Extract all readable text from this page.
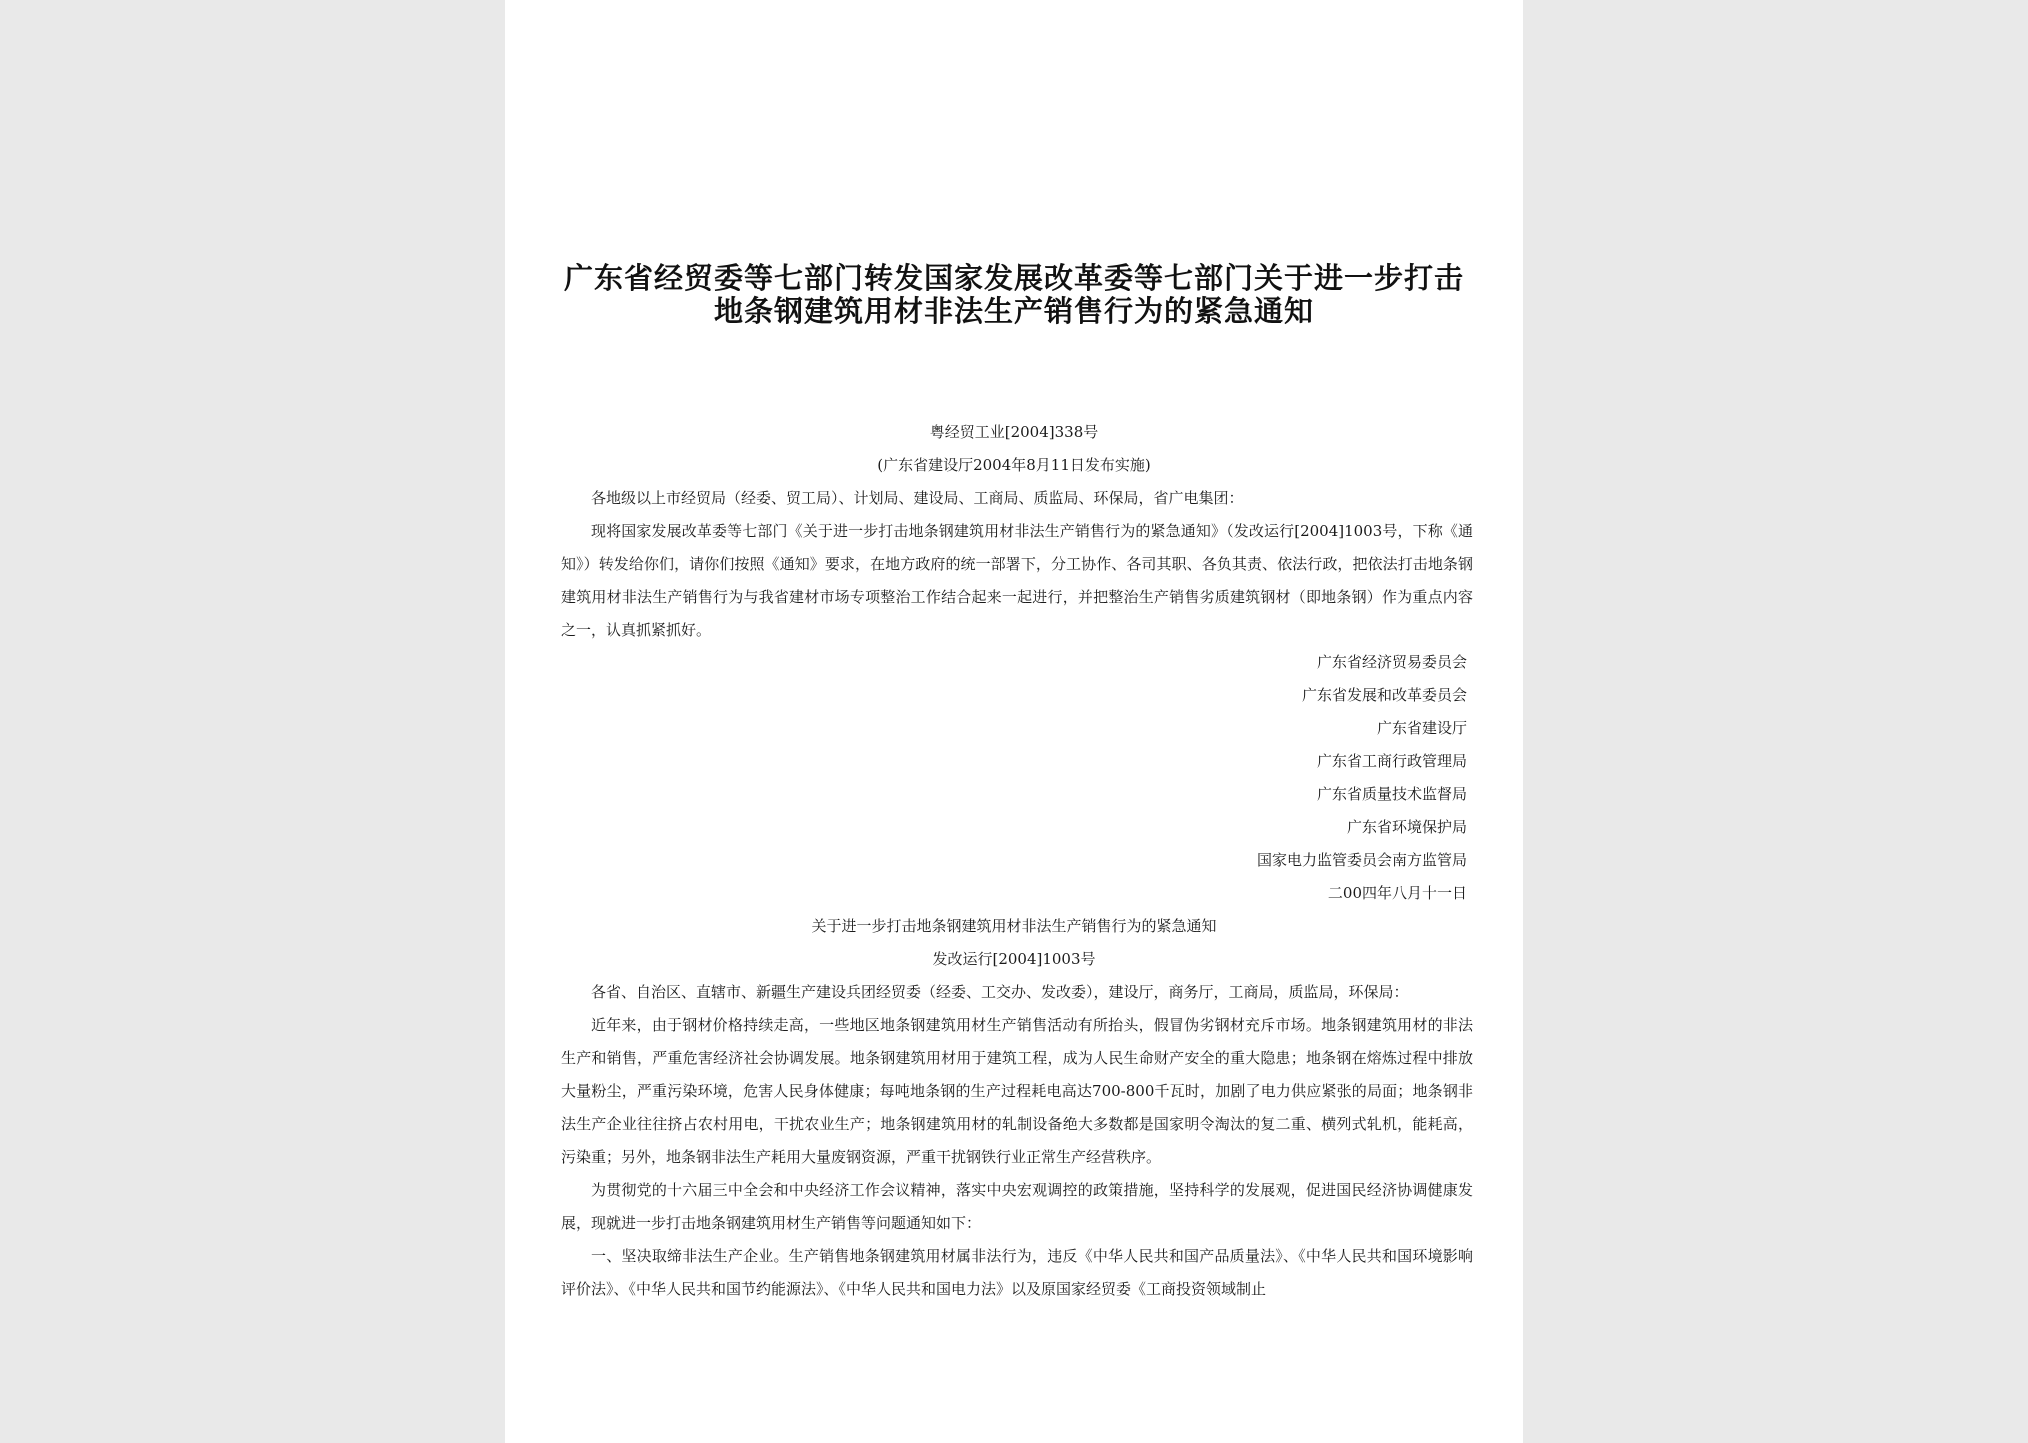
广东省经贸委等七部门转发国家发展改革委等七部门关于进一步打击地条钢建筑用材非法生产销售行为的紧急通知
粤经贸工业[2004]338号
(广东省建设厅2004年8月11日发布实施)

各地级以上市经贸局（经委、贸工局）、计划局、建设局、工商局、质监局、环保局，省广电集团：

现将国家发展改革委等七部门《关于进一步打击地条钢建筑用材非法生产销售行为的紧急通知》（发改运行[2004]1003号，下称《通知》）转发给你们，请你们按照《通知》要求，在地方政府的统一部署下，分工协作、各司其职、各负其责、依法行政，把依法打击地条钢建筑用材非法生产销售行为与我省建材市场专项整治工作结合起来一起进行，并把整治生产销售劣质建筑钢材（即地条钢）作为重点内容之一，认真抓紧抓好。

广东省经济贸易委员会
广东省发展和改革委员会
广东省建设厅
广东省工商行政管理局
广东省质量技术监督局
广东省环境保护局
国家电力监管委员会南方监管局
二00四年八月十一日
关于进一步打击地条钢建筑用材非法生产销售行为的紧急通知
发改运行[2004]1003号

各省、自治区、直辖市、新疆生产建设兵团经贸委（经委、工交办、发改委），建设厅，商务厅，工商局，质监局，环保局：

近年来，由于钢材价格持续走高，一些地区地条钢建筑用材生产销售活动有所抬头，假冒伪劣钢材充斥市场。地条钢建筑用材的非法生产和销售，严重危害经济社会协调发展。地条钢建筑用材用于建筑工程，成为人民生命财产安全的重大隐患；地条钢在熔炼过程中排放大量粉尘，严重污染环境，危害人民身体健康；每吨地条钢的生产过程耗电高达700-800千瓦时，加剧了电力供应紧张的局面；地条钢非法生产企业往往挤占农村用电，干扰农业生产；地条钢建筑用材的轧制设备绝大多数都是国家明令淘汰的复二重、横列式轧机，能耗高，污染重；另外，地条钢非法生产耗用大量废钢资源，严重干扰钢铁行业正常生产经营秩序。

为贯彻党的十六届三中全会和中央经济工作会议精神，落实中央宏观调控的政策措施，坚持科学的发展观，促进国民经济协调健康发展，现就进一步打击地条钢建筑用材生产销售等问题通知如下：

一、坚决取缔非法生产企业。生产销售地条钢建筑用材属非法行为，违反《中华人民共和国产品质量法》、《中华人民共和国环境影响评价法》、《中华人民共和国节约能源法》、《中华人民共和国电力法》以及原国家经贸委《工商投资领域制止
